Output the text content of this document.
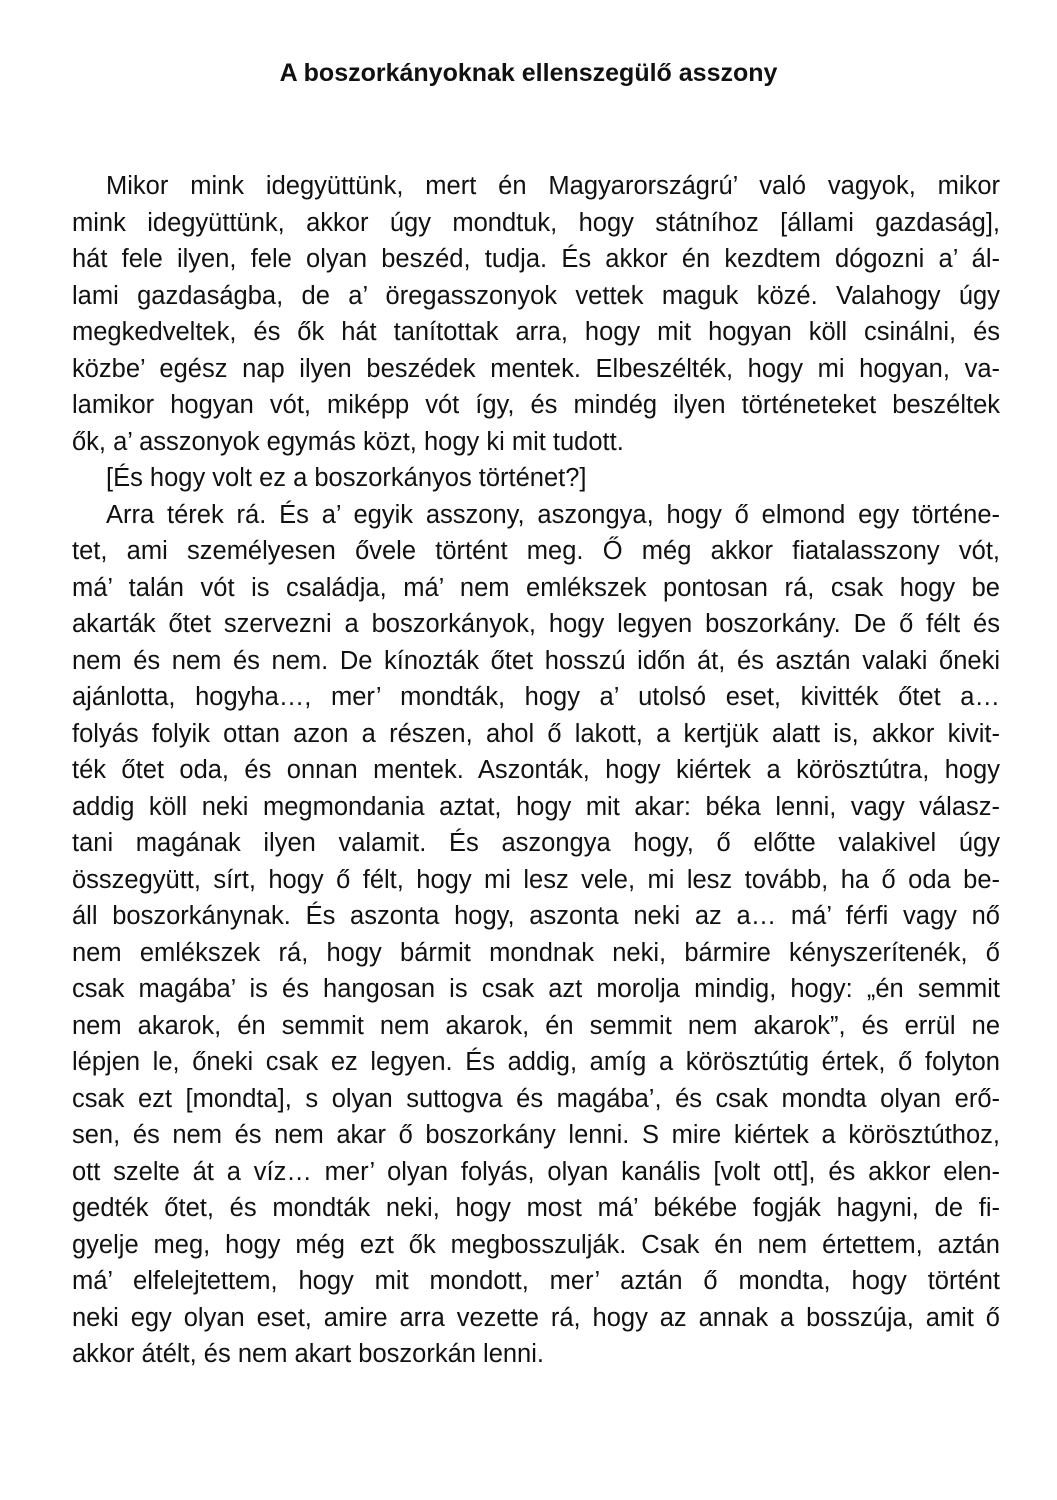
A boszorkányoknak ellenszegülő asszony
Mikor mink idegyüttünk, mert én Magyarországrú’ való vagyok, mikor
mink idegyüttünk, akkor úgy mondtuk, hogy státníhoz [állami gazdaság],
hát fele ilyen, fele olyan beszéd, tudja. És akkor én kezdtem dógozni a’ ál-
lami gazdaságba, de a’ öregasszonyok vettek maguk közé. Valahogy úgy
megkedveltek, és ők hát tanítottak arra, hogy mit hogyan köll csinálni, és
közbe’ egész nap ilyen beszédek mentek. Elbeszélték, hogy mi hogyan, va-
lamikor hogyan vót, miképp vót így, és mindég ilyen történeteket beszéltek
ők, a’ asszonyok egymás közt, hogy ki mit tudott.
[És hogy volt ez a boszorkányos történet?]
Arra térek rá. És a’ egyik asszony, aszongya, hogy ő elmond egy történe-
tet, ami személyesen ővele történt meg. Ő még akkor fiatalasszony vót,
má’ talán vót is családja, má’ nem emlékszek pontosan rá, csak hogy be
akarták őtet szervezni a boszorkányok, hogy legyen boszorkány. De ő félt és
nem és nem és nem. De kínozták őtet hosszú időn át, és asztán valaki őneki
ajánlotta, hogyha…, mer’ mondták, hogy a’ utolsó eset, kivitték őtet a…
folyás folyik ottan azon a részen, ahol ő lakott, a kertjük alatt is, akkor kivit-
ték őtet oda, és onnan mentek. Aszonták, hogy kiértek a körösztútra, hogy
addig köll neki megmondania aztat, hogy mit akar: béka lenni, vagy válasz-
tani magának ilyen valamit. És aszongya hogy, ő előtte valakivel úgy
összegyütt, sírt, hogy ő félt, hogy mi lesz vele, mi lesz tovább, ha ő oda be-
áll boszorkánynak. És aszonta hogy, aszonta neki az a… má’ férfi vagy nő
nem emlékszek rá, hogy bármit mondnak neki, bármire kényszerítenék, ő
csak magába’ is és hangosan is csak azt morolja mindig, hogy: „én semmit
nem akarok, én semmit nem akarok, én semmit nem akarok”, és errül ne
lépjen le, őneki csak ez legyen. És addig, amíg a körösztútig értek, ő folyton
csak ezt [mondta], s olyan suttogva és magába’, és csak mondta olyan erő-
sen, és nem és nem akar ő boszorkány lenni. S mire kiértek a körösztúthoz,
ott szelte át a víz… mer’ olyan folyás, olyan kanális [volt ott], és akkor elen-
gedték őtet, és mondták neki, hogy most má’ békébe fogják hagyni, de fi-
gyelje meg, hogy még ezt ők megbosszulják. Csak én nem értettem, aztán
má’ elfelejtettem, hogy mit mondott, mer’ aztán ő mondta, hogy történt
neki egy olyan eset, amire arra vezette rá, hogy az annak a bosszúja, amit ő
akkor átélt, és nem akart boszorkán lenni.
